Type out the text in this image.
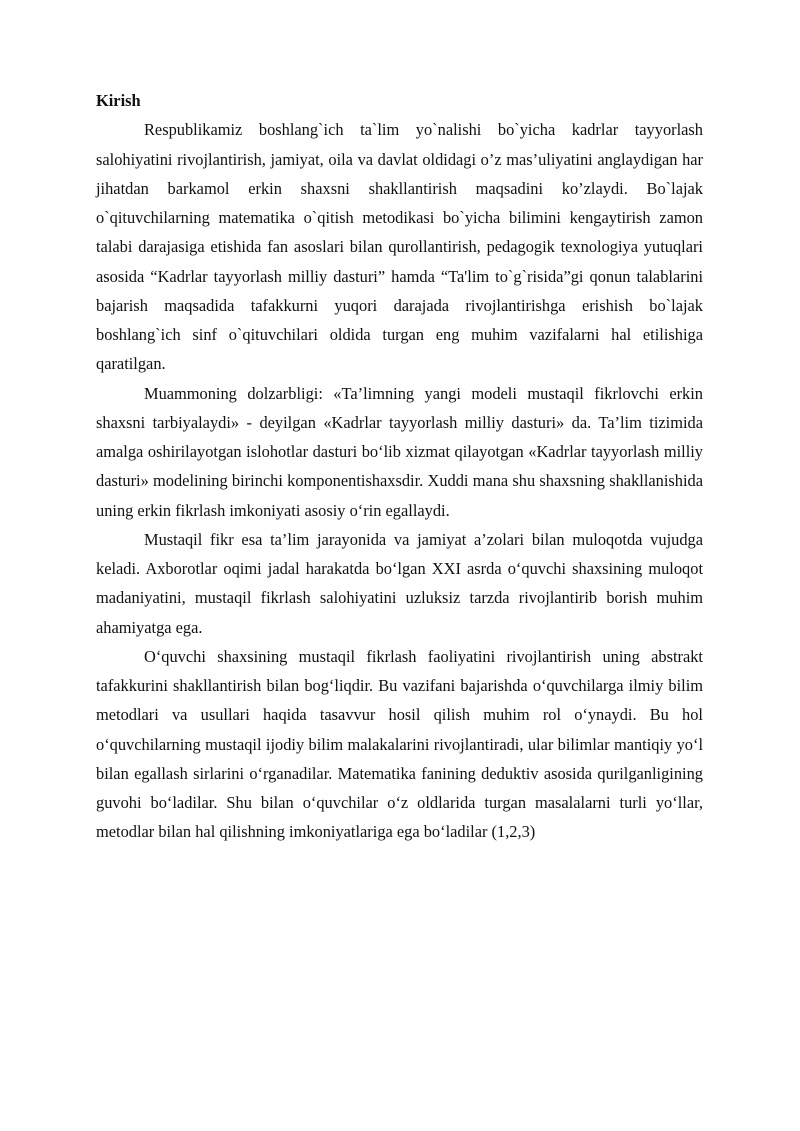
Kirish

Respublikamiz boshlang`ich ta`lim yo`nalishi bo`yicha kadrlar tayyorlash salohiyatini rivojlantirish, jamiyat, oila va davlat oldidagi o’z mas’uliyatini anglaydigan har jihatdan barkamol erkin shaxsni shakllantirish maqsadini ko’zlaydi. Bo`lajak o`qituvchilarning matematika o`qitish metodikasi bo`yicha bilimini kengaytirish zamon talabi darajasiga etishida fan asoslari bilan qurollantirish, pedagogik texnologiya yutuqlari asosida “Kadrlar tayyorlash milliy dasturi” hamda “Ta'lim to`g`risida”gi qonun talablarini bajarish maqsadida tafakkurni yuqori darajada rivojlantirishga erishish bo`lajak boshlang`ich sinf o`qituvchilari oldida turgan eng muhim vazifalarni hal etilishiga qaratilgan.

Muammoning dolzarbligi: «Ta’limning yangi modeli mustaqil fikrlovchi erkin shaxsni tarbiyalaydi» - deyilgan «Kadrlar tayyorlash milliy dasturi» da. Ta’lim tizimida amalga oshirilayotgan islohotlar dasturi bo‘lib xizmat qilayotgan «Kadrlar tayyorlash milliy dasturi» modelining birinchi komponentishaxsdir. Xuddi mana shu shaxsning shakllanishida uning erkin fikrlash imkoniyati asosiy o‘rin egallaydi.

Mustaqil fikr esa ta’lim jarayonida va jamiyat a’zolari bilan muloqotda vujudga keladi. Axborotlar oqimi jadal harakatda bo‘lgan XXI asrda o‘quvchi shaxsining muloqot madaniyatini, mustaqil fikrlash salohiyatini uzluksiz tarzda rivojlantirib borish muhim ahamiyatga ega.

O‘quvchi shaxsining mustaqil fikrlash faoliyatini rivojlantirish uning abstrakt tafakkurini shakllantirish bilan bog‘liqdir. Bu vazifani bajarishda o‘quvchilarga ilmiy bilim metodlari va usullari haqida tasavvur hosil qilish muhim rol o‘ynaydi. Bu hol o‘quvchilarning mustaqil ijodiy bilim malakalarini rivojlantiradi, ular bilimlar mantiqiy yo‘l bilan egallash sirlarini o‘rganadilar. Matematika fanining deduktiv asosida qurilganligining guvohi bo‘ladilar. Shu bilan o‘quvchilar o‘z oldlarida turgan masalalarni turli yo‘llar, metodlar bilan hal qilishning imkoniyatlariga ega bo‘ladilar (1,2,3)
